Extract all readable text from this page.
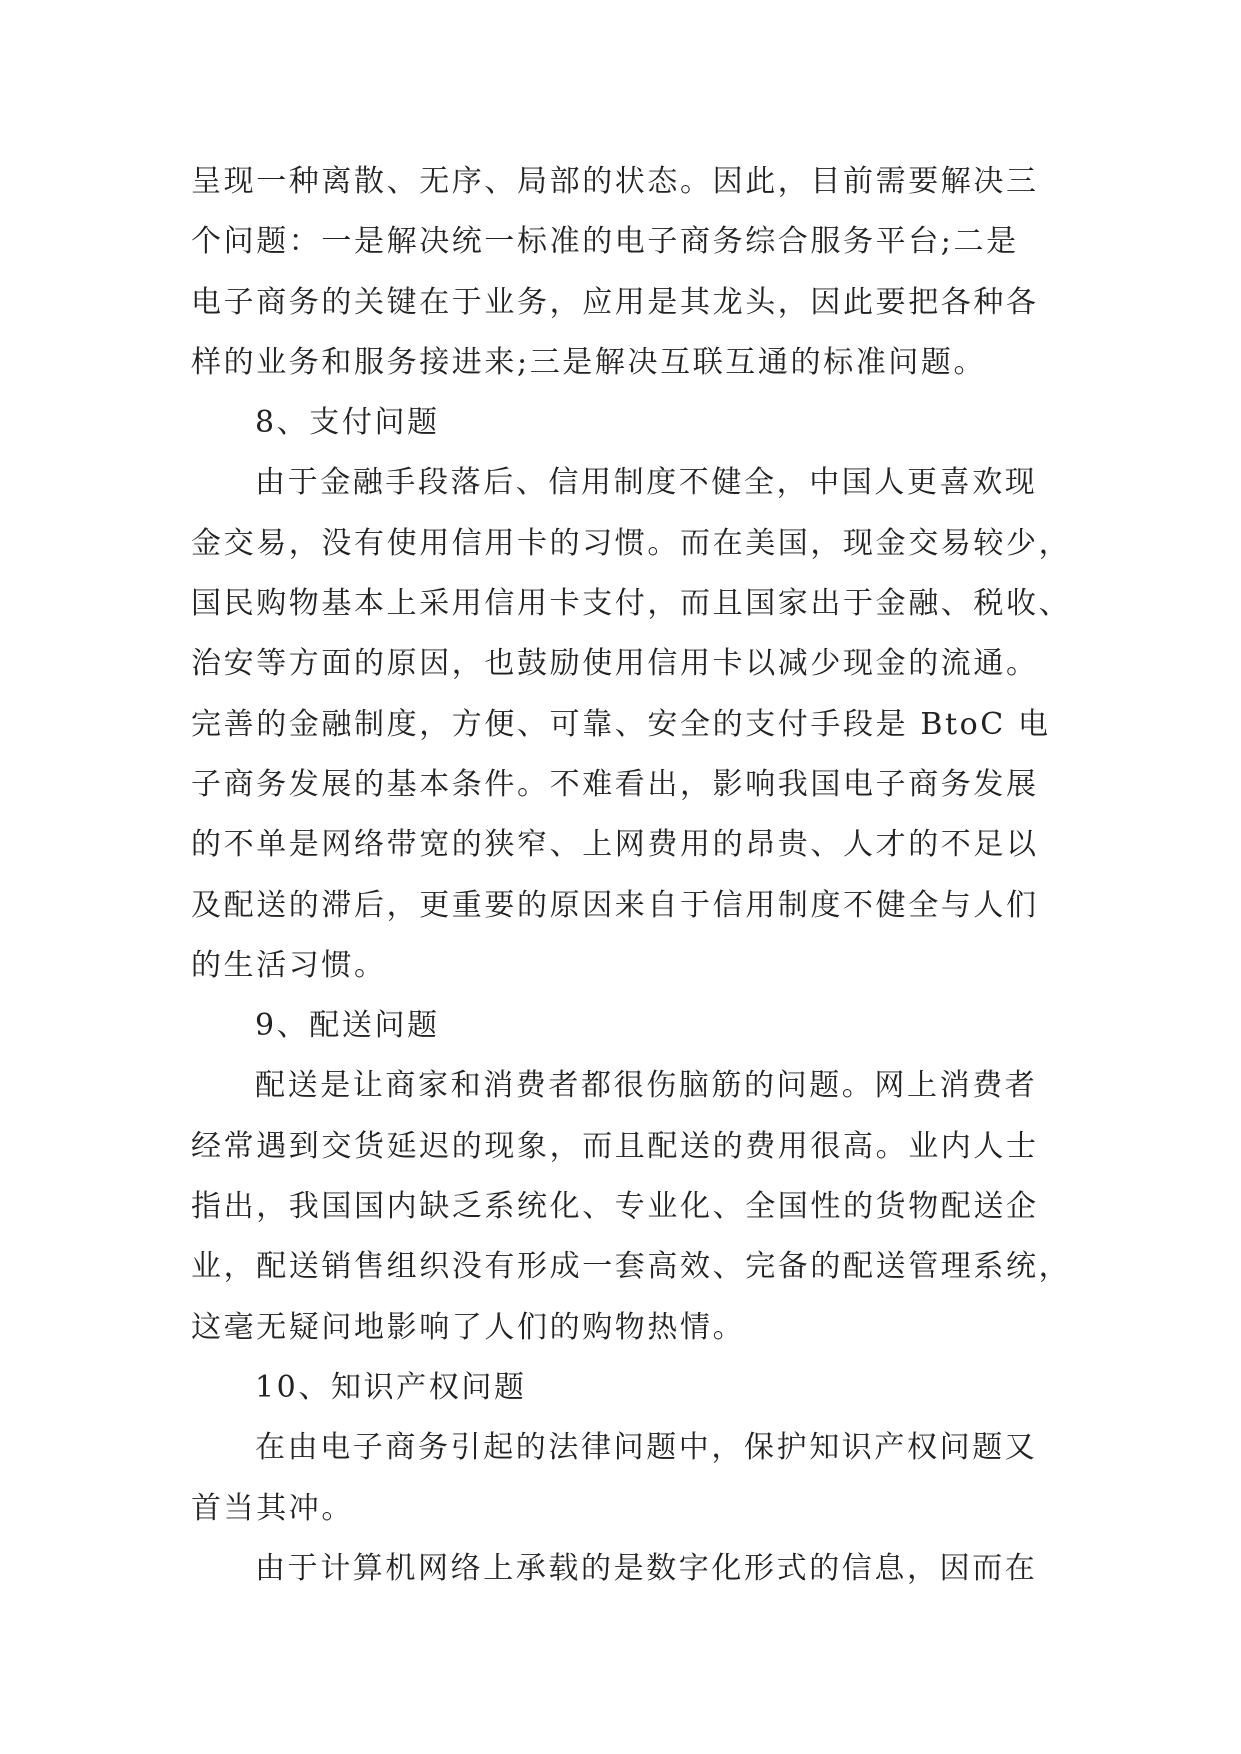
呈现一种离散、无序、局部的状态。因此，目前需要解决三
个问题：一是解决统一标准的电子商务综合服务平台;二是
电子商务的关键在于业务，应用是其龙头，因此要把各种各
样的业务和服务接进来;三是解决互联互通的标准问题。
8、支付问题
由于金融手段落后、信用制度不健全，中国人更喜欢现
金交易，没有使用信用卡的习惯。而在美国，现金交易较少，
国民购物基本上采用信用卡支付，而且国家出于金融、税收、
治安等方面的原因，也鼓励使用信用卡以减少现金的流通。
完善的金融制度，方便、可靠、安全的支付手段是 BtoC 电
子商务发展的基本条件。不难看出，影响我国电子商务发展
的不单是网络带宽的狭窄、上网费用的昂贵、人才的不足以
及配送的滞后，更重要的原因来自于信用制度不健全与人们
的生活习惯。
9、配送问题
配送是让商家和消费者都很伤脑筋的问题。网上消费者
经常遇到交货延迟的现象，而且配送的费用很高。业内人士
指出，我国国内缺乏系统化、专业化、全国性的货物配送企
业，配送销售组织没有形成一套高效、完备的配送管理系统，
这毫无疑问地影响了人们的购物热情。
10、知识产权问题
在由电子商务引起的法律问题中，保护知识产权问题又
首当其冲。
由于计算机网络上承载的是数字化形式的信息，因而在
